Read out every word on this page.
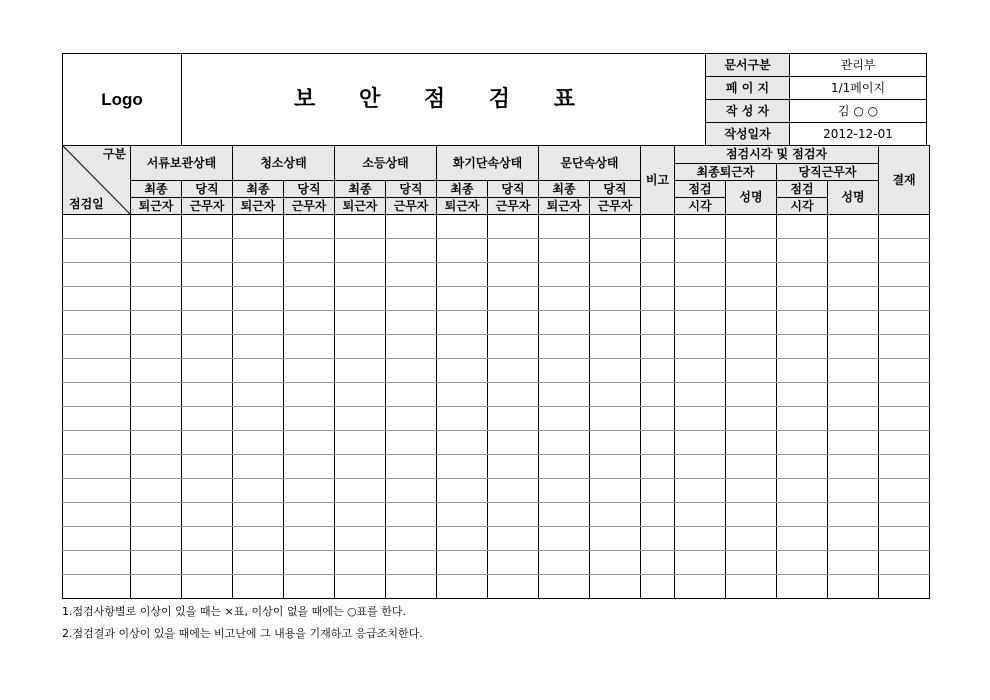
Logo	보 안 점 검 표	문서구분	관리부
		페 이 지	1/1페이지
		작 성 자	김 ○ ○
		작성일자	2012-12-01
구분
점검일	서류보관상태		청소상태		소등상태		화기단속상태		문단속상태		비고	점검시각 및 점검자				결재
												최종퇴근자		당직근무자		
	최종	당직	최종	당직	최종	당직	최종	당직	최종	당직		점검	성명	점검	성명	
	퇴근자	근무자	퇴근자	근무자	퇴근자	근무자	퇴근자	근무자	퇴근자	근무자		시각		시각		

1.점검사항별로 이상이 있을 때는 ×표, 이상이 없을 때에는 ○표를 한다.
2.점검결과 이상이 있을 때에는 비고난에 그 내용을 기재하고 응급조치한다.
